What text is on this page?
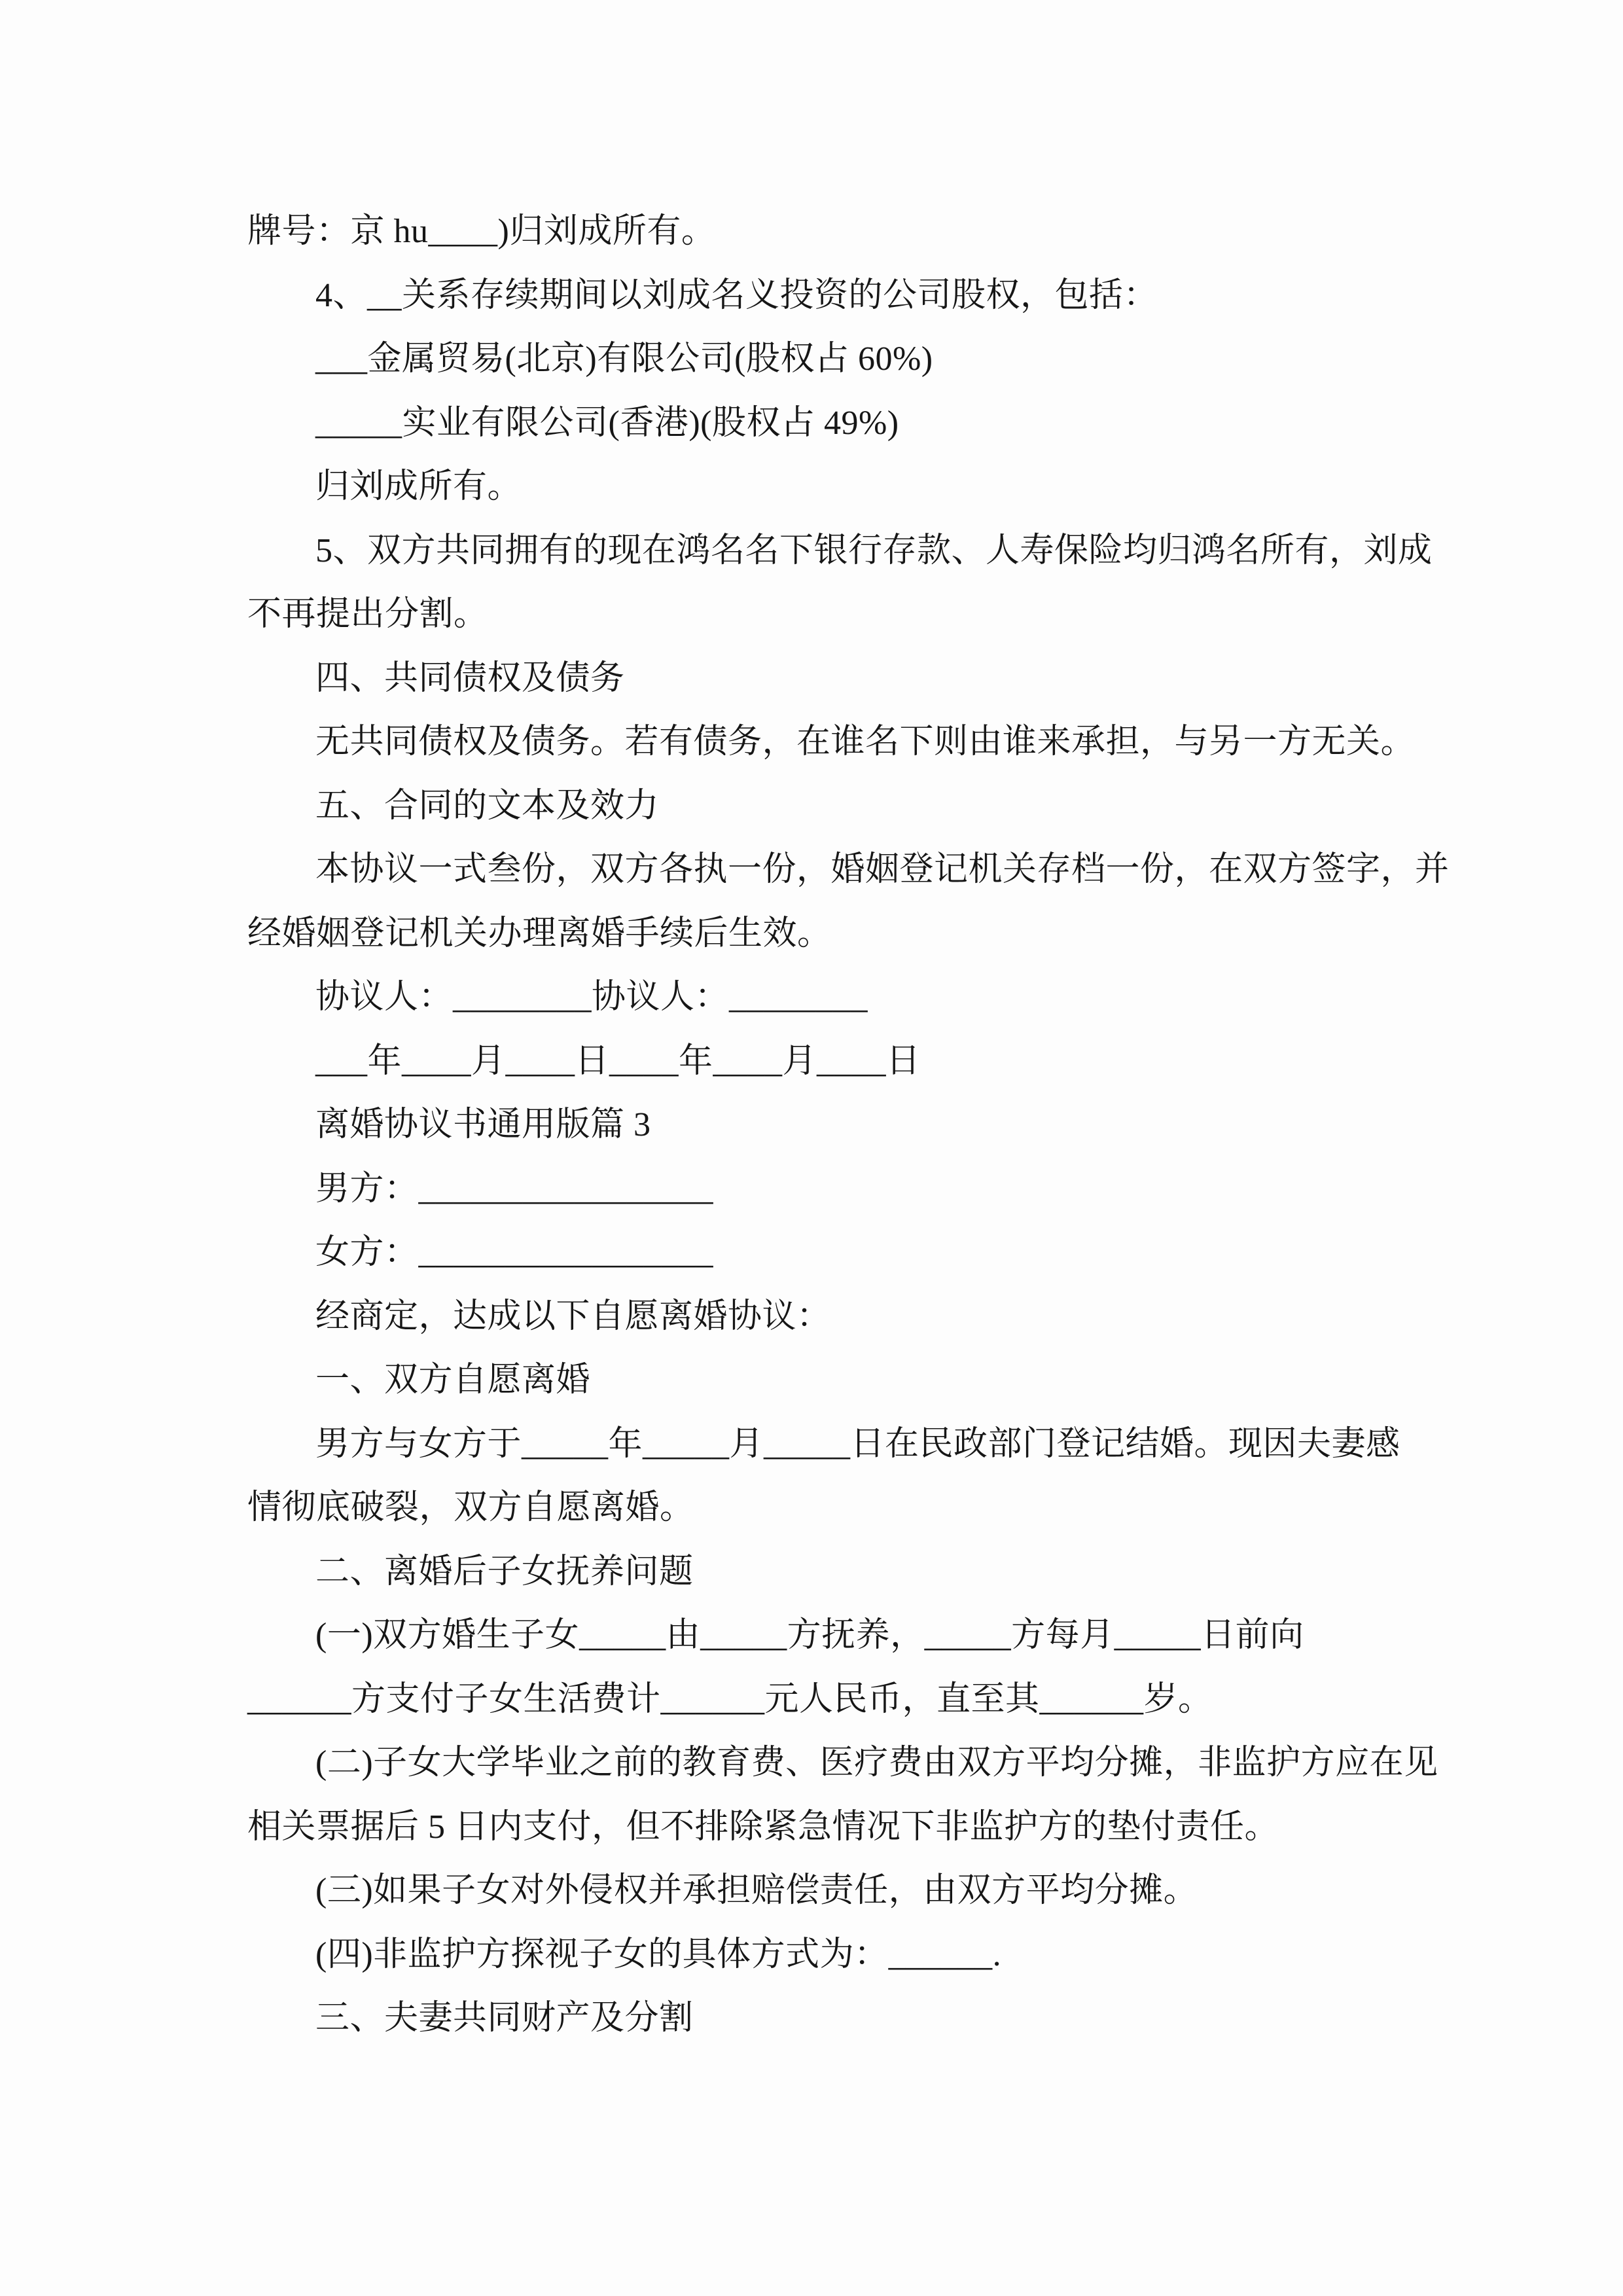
牌号：京 hu____)归刘成所有。
4、__关系存续期间以刘成名义投资的公司股权，包括：
___金属贸易(北京)有限公司(股权占 60%)
_____实业有限公司(香港)(股权占 49%)
归刘成所有。
5、双方共同拥有的现在鸿名名下银行存款、人寿保险均归鸿名所有，刘成
不再提出分割。
四、共同债权及债务
无共同债权及债务。若有债务，在谁名下则由谁来承担，与另一方无关。
五、合同的文本及效力
本协议一式叁份，双方各执一份，婚姻登记机关存档一份，在双方签字，并
经婚姻登记机关办理离婚手续后生效。
协议人：________协议人：________
___年____月____日____年____月____日
离婚协议书通用版篇 3
男方：_________________
女方：_________________
经商定，达成以下自愿离婚协议：
一、双方自愿离婚
男方与女方于_____年_____月_____日在民政部门登记结婚。现因夫妻感
情彻底破裂，双方自愿离婚。
二、离婚后子女抚养问题
(一)双方婚生子女_____由_____方抚养，_____方每月_____日前向
______方支付子女生活费计______元人民币，直至其______岁。
(二)子女大学毕业之前的教育费、医疗费由双方平均分摊，非监护方应在见
相关票据后 5 日内支付，但不排除紧急情况下非监护方的垫付责任。
(三)如果子女对外侵权并承担赔偿责任，由双方平均分摊。
(四)非监护方探视子女的具体方式为：______.
三、夫妻共同财产及分割
